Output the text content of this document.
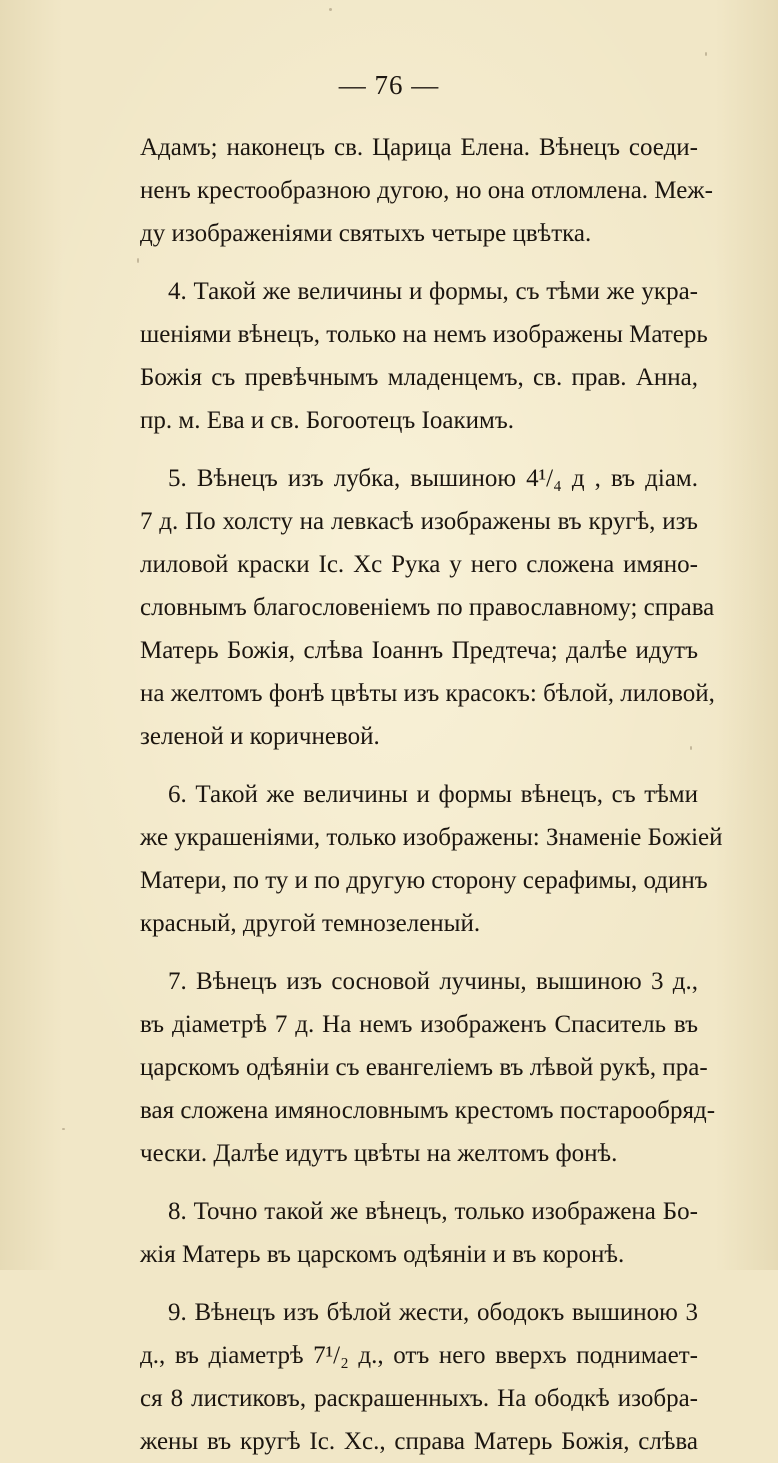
— 76 —
Адамъ; наконецъ св. Царица Елена. Вѣнецъ соеди-
ненъ крестообразною дугою, но она отломлена. Меж-
ду изображеніями святыхъ четыре цвѣтка.
4. Такой же величины и формы, съ тѣми же укра-
шеніями вѣнецъ, только на немъ изображены Матерь
Божія съ превѣчнымъ младенцемъ, св. прав. Анна,
пр. м. Ева и св. Богоотецъ Іоакимъ.
5. Вѣнецъ изъ лубка, вышиною 4¹/₄ д , въ діам.
7 д. По холсту на левкасѣ изображены въ кругѣ, изъ
лиловой краски Іс. Хс Рука у него сложена имяно-
словнымъ благословеніемъ по православному; справа
Матерь Божія, слѣва Іоаннъ Предтеча; далѣе идутъ
на желтомъ фонѣ цвѣты изъ красокъ: бѣлой, лиловой,
зеленой и коричневой.
6. Такой же величины и формы вѣнецъ, съ тѣми
же украшеніями, только изображены: Знаменіе Божіей
Матери, по ту и по другую сторону серафимы, одинъ
красный, другой темнозеленый.
7. Вѣнецъ изъ сосновой лучины, вышиною 3 д.,
въ діаметрѣ 7 д. На немъ изображенъ Спаситель въ
царскомъ одѣяніи съ евангеліемъ въ лѣвой рукѣ, пра-
вая сложена имянословнымъ крестомъ постарообряд-
чески. Далѣе идутъ цвѣты на желтомъ фонѣ.
8. Точно такой же вѣнецъ, только изображена Бо-
жія Матерь въ царскомъ одѣяніи и въ коронѣ.
9. Вѣнецъ изъ бѣлой жести, ободокъ вышиною 3
д., въ діаметрѣ 7¹/₂ д., отъ него вверхъ поднимает-
ся 8 листиковъ, раскрашенныхъ. На ободкѣ изобра-
жены въ кругѣ Іс. Хс., справа Матерь Божія, слѣва
